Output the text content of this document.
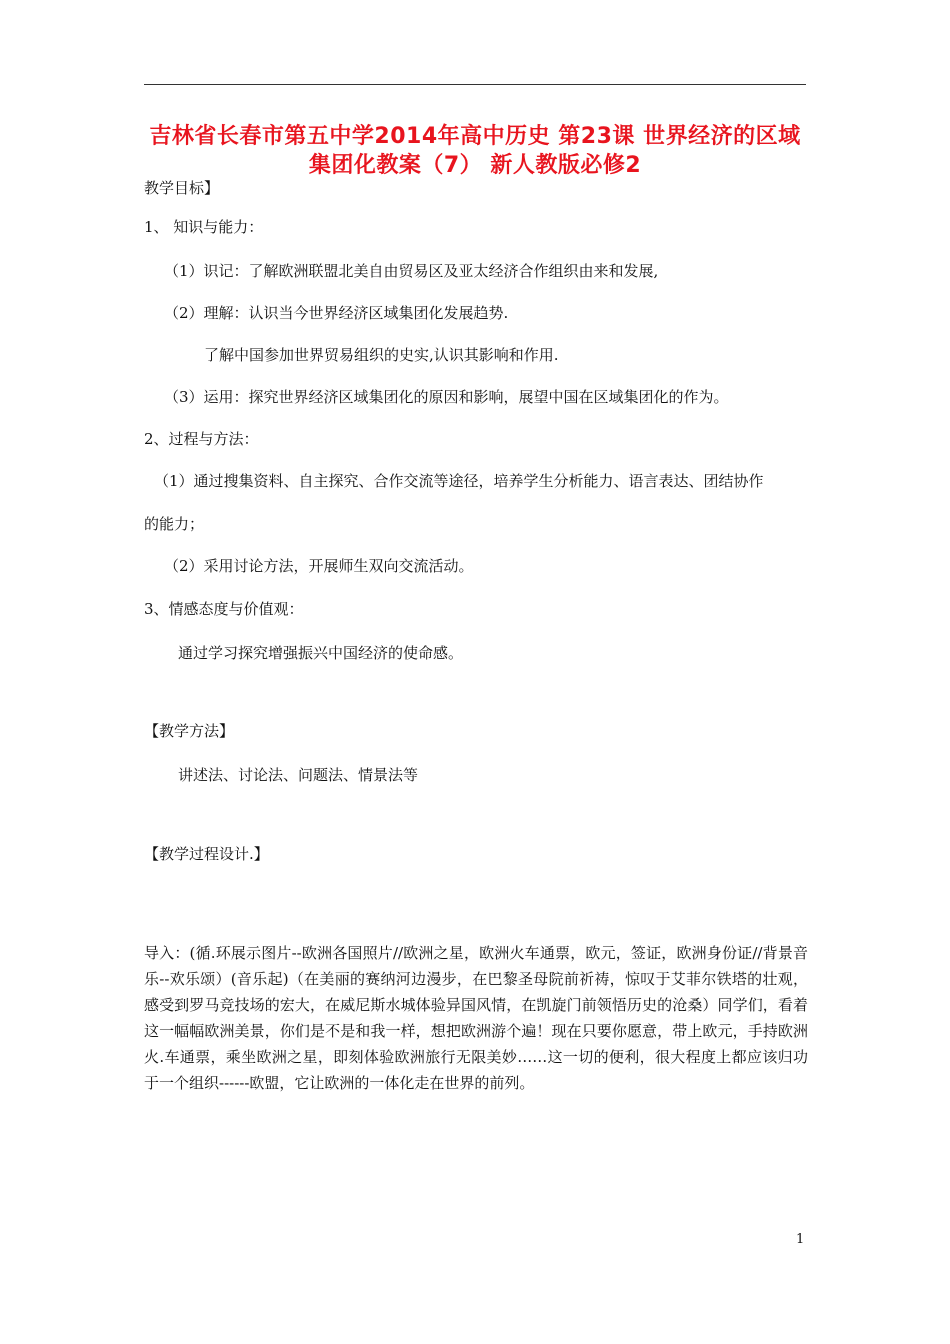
吉林省长春市第五中学2014年高中历史 第23课 世界经济的区域
集团化教案（7） 新人教版必修2
教学目标】
1、 知识与能力：
（1）识记：了解欧洲联盟北美自由贸易区及亚太经济合作组织由来和发展,
（2）理解：认识当今世界经济区域集团化发展趋势.
了解中国参加世界贸易组织的史实,认识其影响和作用.
（3）运用：探究世界经济区域集团化的原因和影响，展望中国在区域集团化的作为。
2、过程与方法：
（1）通过搜集资料、自主探究、合作交流等途径，培养学生分析能力、语言表达、团结协作
的能力；
（2）采用讨论方法，开展师生双向交流活动。
3、情感态度与价值观：
通过学习探究增强振兴中国经济的使命感。
【教学方法】
讲述法、讨论法、问题法、情景法等
【教学过程设计.】
导入：(循.环展示图片--欧洲各国照片//欧洲之星，欧洲火车通票，欧元，签证，欧洲身份证//背景音乐--欢乐颂）(音乐起)（在美丽的赛纳河边漫步，在巴黎圣母院前祈祷，惊叹于艾菲尔铁塔的壮观，感受到罗马竞技场的宏大，在威尼斯水城体验异国风情，在凯旋门前领悟历史的沧桑）同学们，看着这一幅幅欧洲美景，你们是不是和我一样，想把欧洲游个遍！现在只要你愿意，带上欧元，手持欧洲火.车通票，乘坐欧洲之星，即刻体验欧洲旅行无限美妙……这一切的便利，很大程度上都应该归功于一个组织------欧盟，它让欧洲的一体化走在世界的前列。
1
